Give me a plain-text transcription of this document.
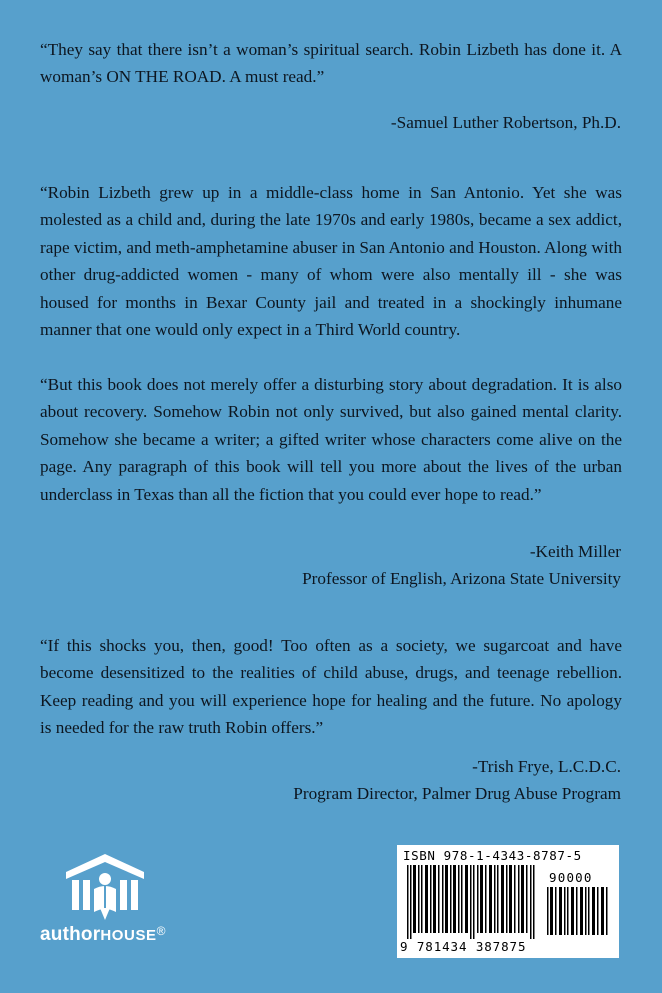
“They say that there isn’t a woman’s spiritual search. Robin Lizbeth has done it. A woman’s ON THE ROAD. A must read.”

-Samuel Luther Robertson, Ph.D.

“Robin Lizbeth grew up in a middle-class home in San Antonio. Yet she was molested as a child and, during the late 1970s and early 1980s, became a sex addict, rape victim, and meth-amphetamine abuser in San Antonio and Houston. Along with other drug-addicted women - many of whom were also mentally ill - she was housed for months in Bexar County jail and treated in a shockingly inhumane manner that one would only expect in a Third World country.

“But this book does not merely offer a disturbing story about degradation. It is also about recovery. Somehow Robin not only survived, but also gained mental clarity. Somehow she became a writer; a gifted writer whose characters come alive on the page. Any paragraph of this book will tell you more about the lives of the urban underclass in Texas than all the fiction that you could ever hope to read.”

-Keith Miller
Professor of English, Arizona State University

“If this shocks you, then, good! Too often as a society, we sugarcoat and have become desensitized to the realities of child abuse, drugs, and teenage rebellion. Keep reading and you will experience hope for healing and the future. No apology is needed for the raw truth Robin offers.”

-Trish Frye, L.C.D.C.
Program Director, Palmer Drug Abuse Program

authorHOUSE®
ISBN 978-1-4343-8787-5
90000
9 781434 387875
